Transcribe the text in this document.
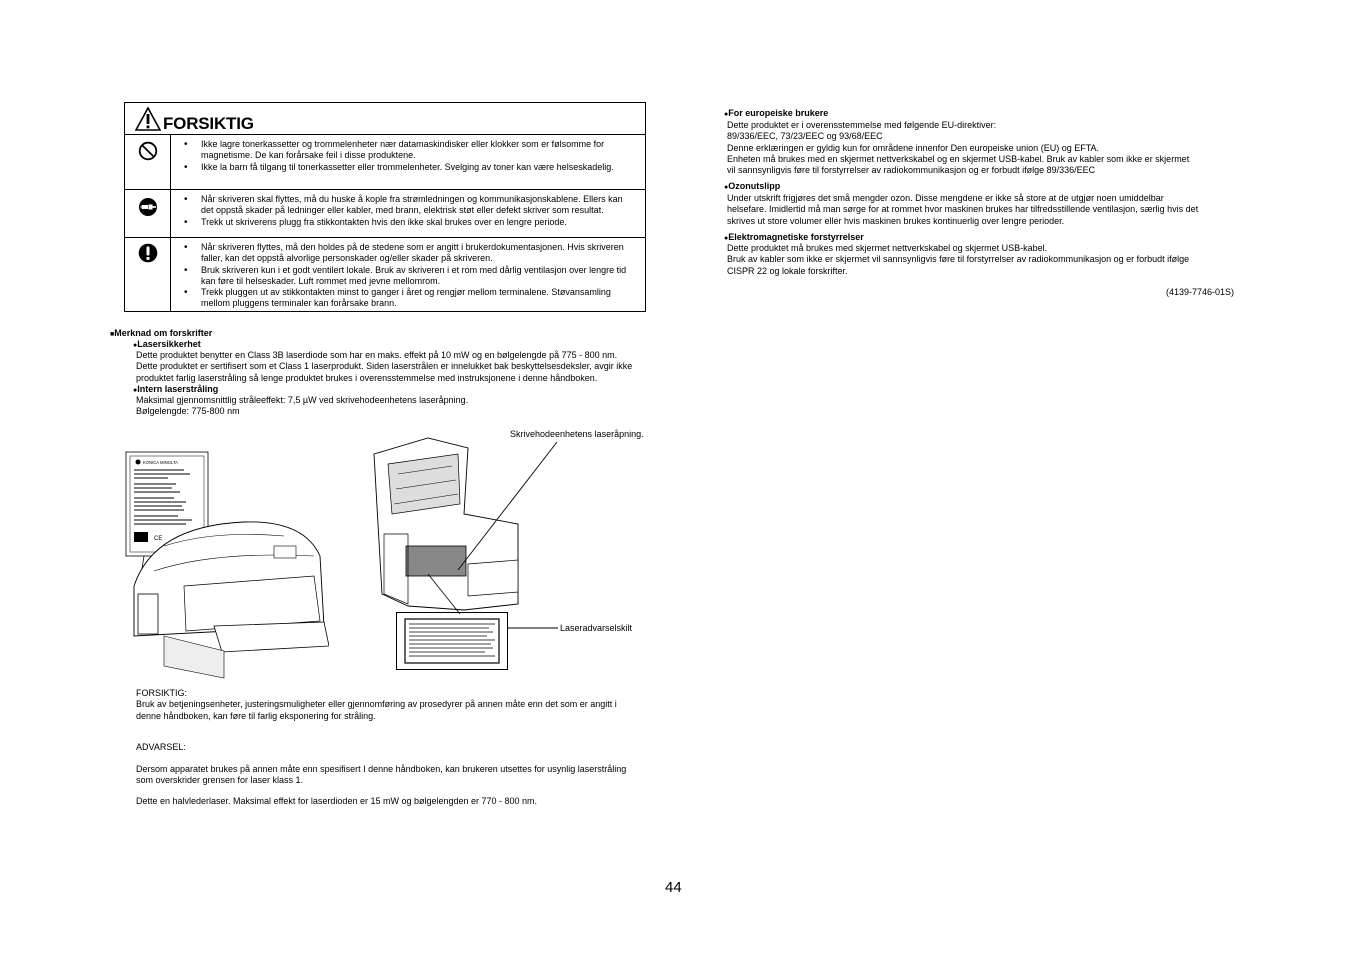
FORSIKTIG
• Ikke lagre tonerkassetter og trommelenheter nær datamaskindisker eller klokker som er følsomme for magnetisme. De kan forårsake feil i disse produktene.
• Ikke la barn få tilgang til tonerkassetter eller trommelenheter. Svelging av toner kan være helseskadelig.
• Når skriveren skal flyttes, må du huske å kople fra strømledningen og kommunikasjonskablene. Ellers kan det oppstå skader på ledninger eller kabler, med brann, elektrisk støt eller defekt skriver som resultat.
• Trekk ut skriverens plugg fra stikkontakten hvis den ikke skal brukes over en lengre periode.
• Når skriveren flyttes, må den holdes på de stedene som er angitt i brukerdokumentasjonen. Hvis skriveren faller, kan det oppstå alvorlige personskader og/eller skader på skriveren.
• Bruk skriveren kun i et godt ventilert lokale. Bruk av skriveren i et rom med dårlig ventilasjon over lengre tid kan føre til helseskader. Luft rommet med jevne mellomrom.
• Trekk pluggen ut av stikkontakten minst to ganger i året og rengjør mellom terminalene. Støvansamling mellom pluggens terminaler kan forårsake brann.
■ Merknad om forskrifter
● Lasersikkerhet

Dette produktet benytter en Class 3B laserdiode som har en maks. effekt på 10 mW og en bølgelengde på 775 - 800 nm.

Dette produktet er sertifisert som et Class 1 laserprodukt. Siden laserstrålen er innelukket bak beskyttelsesdeksler, avgir ikke

produktet farlig laserstråling så lenge produktet brukes i overensstemmelse med instruksjonene i denne håndboken.

● Intern laserstråling

Maksimal gjennomsnittlig stråleeffekt: 7,5 µW ved skrivehodeenhetens laseråpning.

Bølgelengde: 775-800 nm

KONICA MINOLTA
CE
Skrivehodeenhetens laseråpning.
Laseradvarselskilt

FORSIKTIG:

Bruk av betjeningsenheter, justeringsmuligheter eller gjennomføring av prosedyrer på annen måte enn det som er angitt i

denne håndboken, kan føre til farlig eksponering for stråling.

ADVARSEL:

Dersom apparatet brukes på annen måte enn spesifisert I denne håndboken, kan brukeren utsettes for usynlig laserstråling

som overskrider grensen for laser klass 1.

Dette en halvlederlaser. Maksimal effekt for laserdioden er 15 mW og bølgelengden er 770 - 800 nm.
● For europeiske brukere

Dette produktet er i overensstemmelse med følgende EU-direktiver:

89/336/EEC, 73/23/EEC og 93/68/EEC

Denne erklæringen er gyldig kun for områdene innenfor Den europeiske union (EU) og EFTA.

Enheten må brukes med en skjermet nettverkskabel og en skjermet USB-kabel. Bruk av kabler som ikke er skjermet

vil sannsynligvis føre til forstyrrelser av radiokommunikasjon og er forbudt ifølge 89/336/EEC

● Ozonutslipp

Under utskrift frigjøres det små mengder ozon. Disse mengdene er ikke så store at de utgjør noen umiddelbar

helsefare. Imidlertid må man sørge for at rommet hvor maskinen brukes har tilfredsstillende ventilasjon, særlig hvis det

skrives ut store volumer eller hvis maskinen brukes kontinuerlig over lengre perioder.

● Elektromagnetiske forstyrrelser

Dette produktet må brukes med skjermet nettverkskabel og skjermet USB-kabel.

Bruk av kabler som ikke er skjermet vil sannsynligvis føre til forstyrrelser av radiokommunikasjon og er forbudt ifølge

CISPR 22 og lokale forskrifter.

(4139-7746-01S)
44
